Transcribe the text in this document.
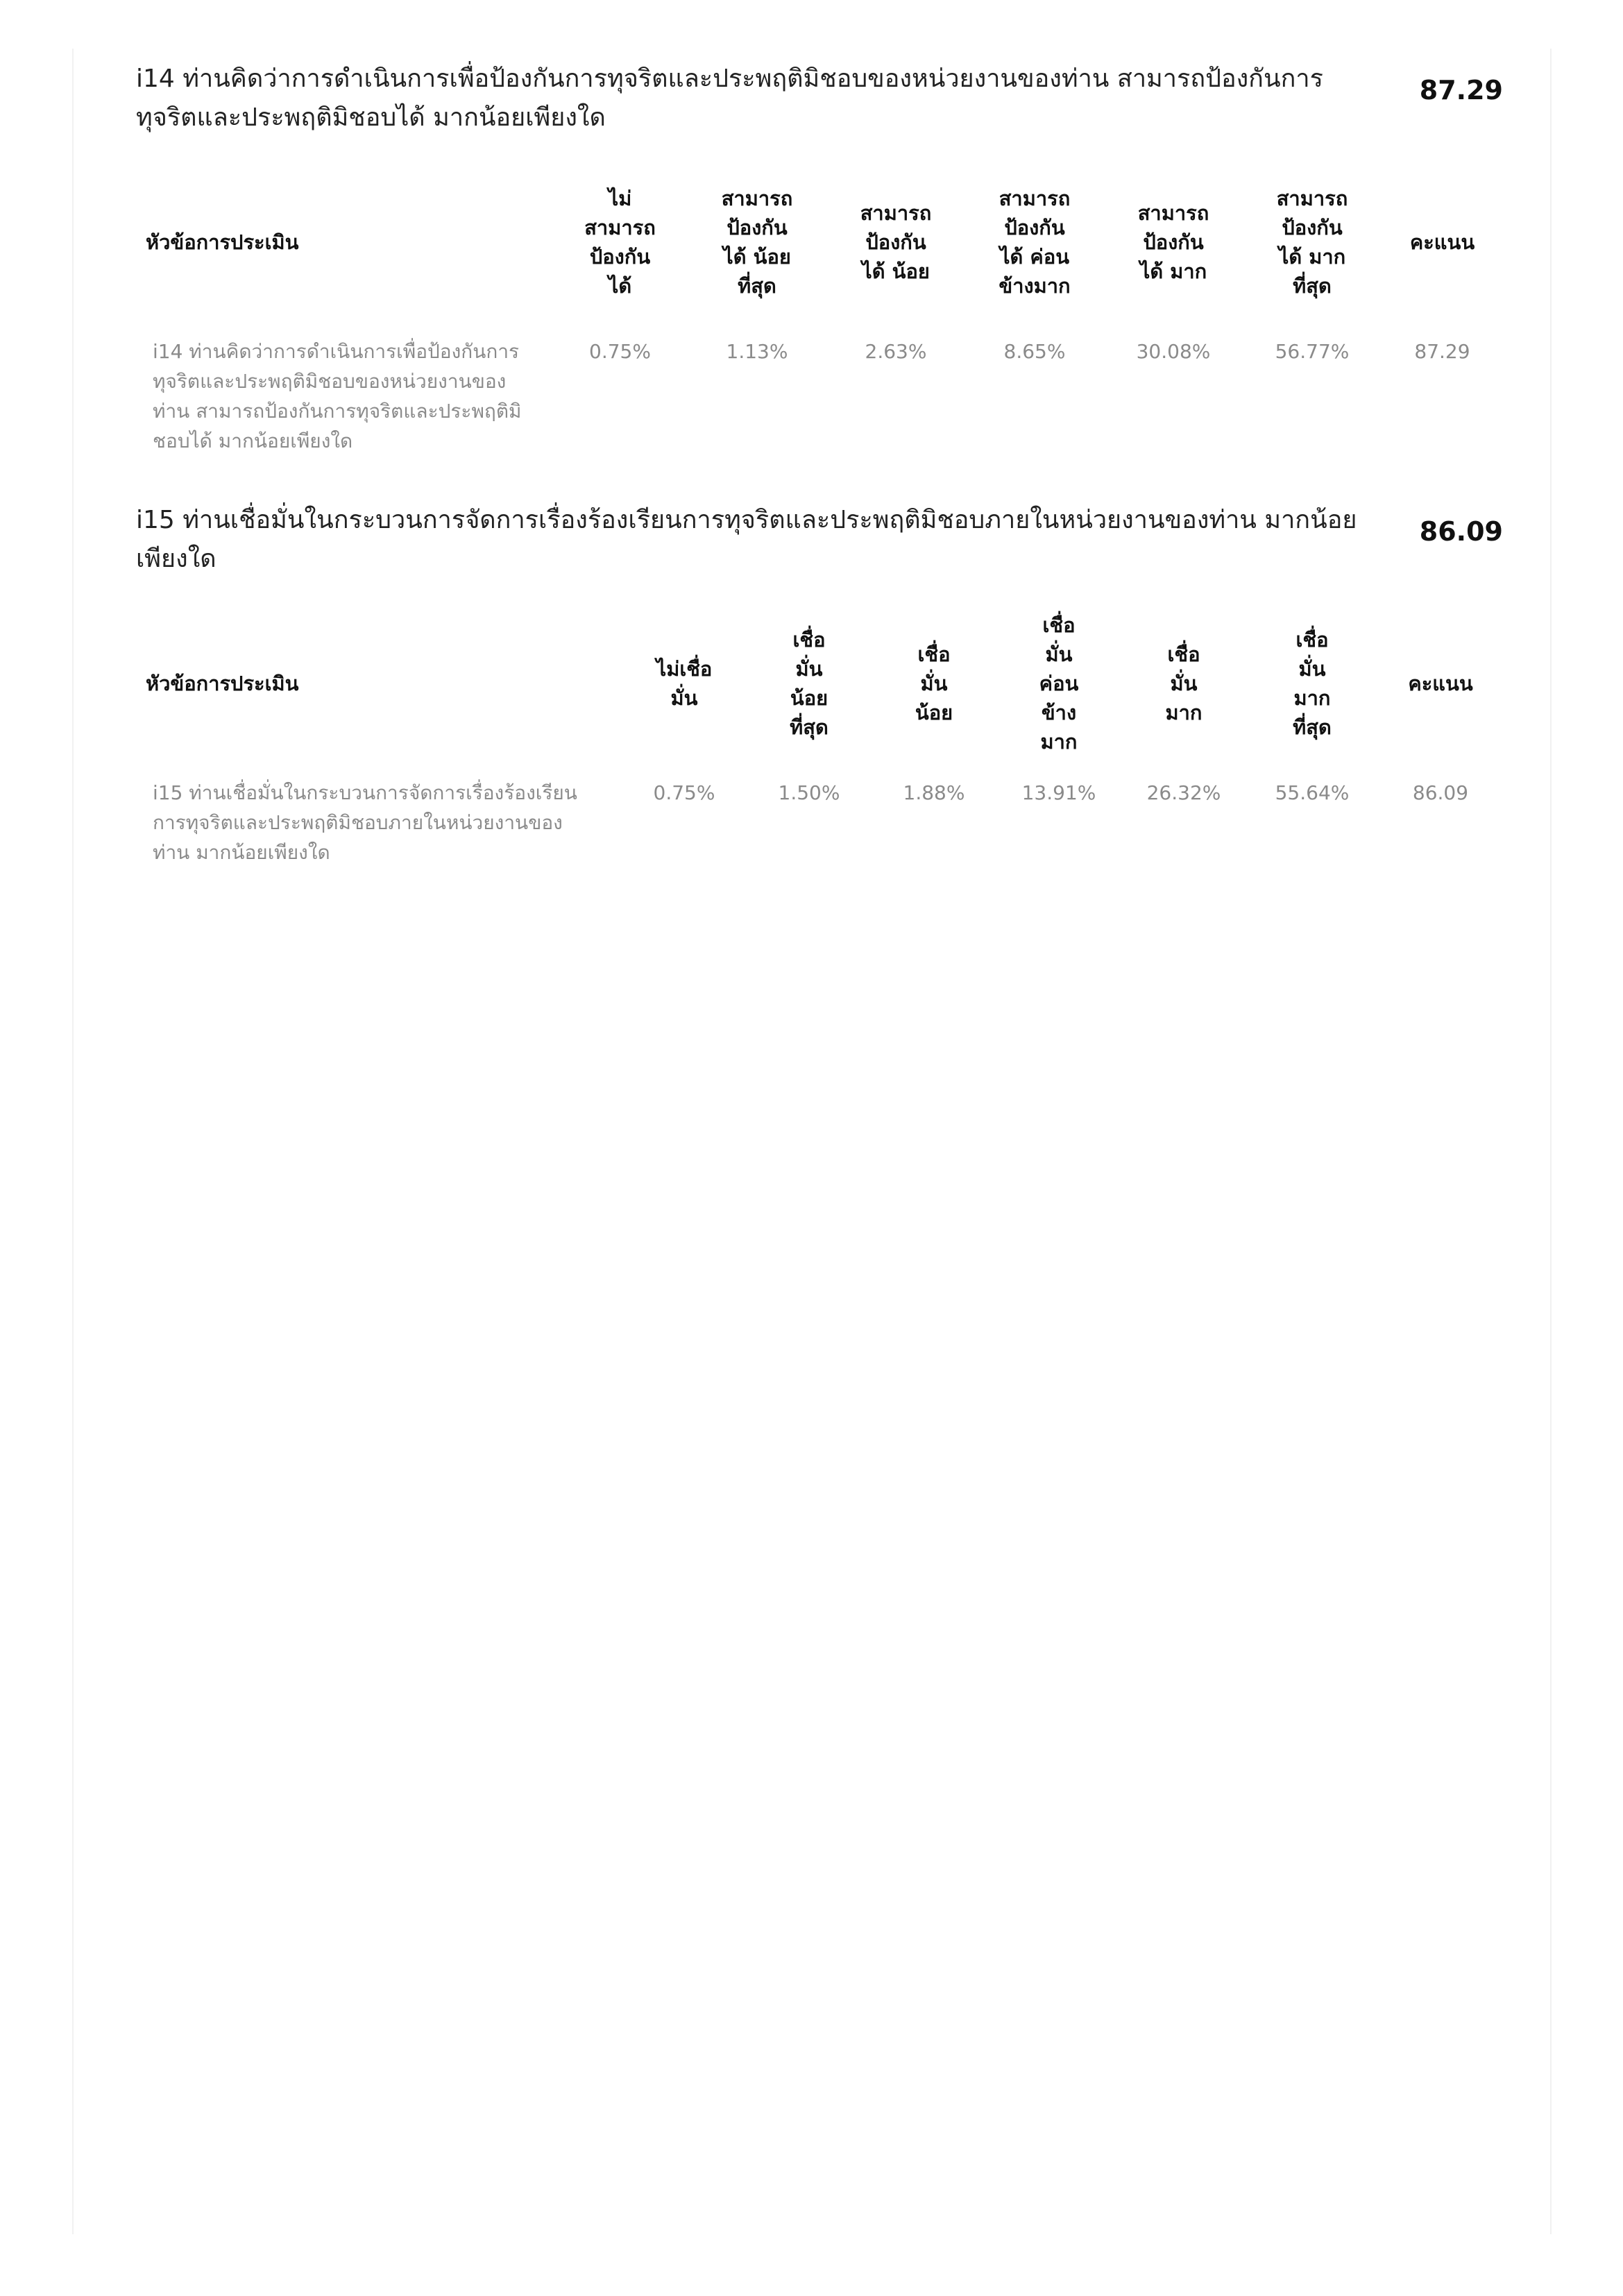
i14 ท่านคิดว่าการดำเนินการเพื่อป้องกันการทุจริตและประพฤติมิชอบของหน่วยงานของท่าน สามารถป้องกันการทุจริตและประพฤติมิชอบได้ มากน้อยเพียงใด
87.29
หัวข้อการประเมิน	ไม่สามารถป้องกันได้	สามารถป้องกันได้ น้อยที่สุด	สามารถป้องกันได้ น้อย	สามารถป้องกันได้ ค่อนข้างมาก	สามารถป้องกันได้ มาก	สามารถป้องกันได้ มากที่สุด	คะแนน
i14 ท่านคิดว่าการดำเนินการเพื่อป้องกันการทุจริตและประพฤติมิชอบของหน่วยงานของท่าน สามารถป้องกันการทุจริตและประพฤติมิชอบได้ มากน้อยเพียงใด	0.75%	1.13%	2.63%	8.65%	30.08%	56.77%	87.29
i15 ท่านเชื่อมั่นในกระบวนการจัดการเรื่องร้องเรียนการทุจริตและประพฤติมิชอบภายในหน่วยงานของท่าน มากน้อยเพียงใด
86.09
หัวข้อการประเมิน	ไม่เชื่อมั่น	เชื่อมั่น น้อยที่สุด	เชื่อมั่น น้อย	เชื่อมั่น ค่อนข้างมาก	เชื่อมั่น มาก	เชื่อมั่น มากที่สุด	คะแนน
i15 ท่านเชื่อมั่นในกระบวนการจัดการเรื่องร้องเรียนการทุจริตและประพฤติมิชอบภายในหน่วยงานของท่าน มากน้อยเพียงใด	0.75%	1.50%	1.88%	13.91%	26.32%	55.64%	86.09
